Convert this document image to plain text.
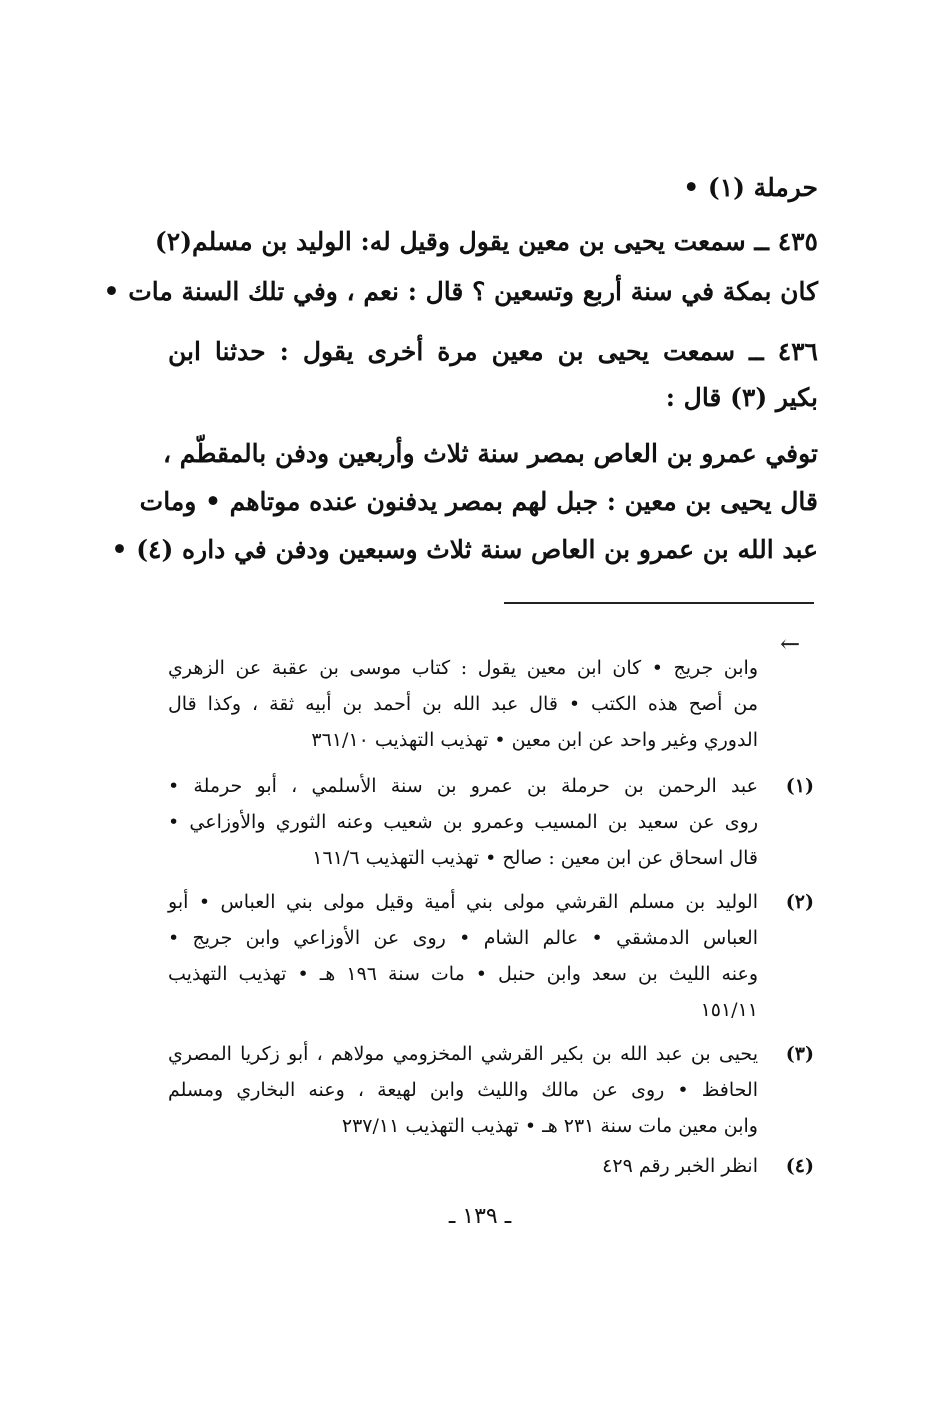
حرملة (١) •
٤٣٥ ــ سمعت يحيى بن معين يقول وقيل له: الوليد بن مسلم(٢)
كان بمكة في سنة أربع وتسعين ؟ قال : نعم ، وفي تلك السنة مات •
٤٣٦ ــ سمعت يحيى بن معين مرة أخرى يقول : حدثنا ابن
بكير (٣) قال :
توفي عمرو بن العاص بمصر سنة ثلاث وأربعين ودفن بالمقطّم ،
قال يحيى بن معين : جبل لهم بمصر يدفنون عنده موتاهم • ومات
عبد الله بن عمرو بن العاص سنة ثلاث وسبعين ودفن في داره (٤) •
←
وابن جريج • كان ابن معين يقول : كتاب موسى بن عقبة عن الزهري
من أصح هذه الكتب • قال عبد الله بن أحمد بن أبيه ثقة ، وكذا قال
الدوري وغير واحد عن ابن معين • تهذيب التهذيب ٣٦١/١٠
(١)
عبد الرحمن بن حرملة بن عمرو بن سنة الأسلمي ، أبو حرملة •
روى عن سعيد بن المسيب وعمرو بن شعيب وعنه الثوري والأوزاعي •
قال اسحاق عن ابن معين : صالح • تهذيب التهذيب ١٦١/٦
(٢)
الوليد بن مسلم القرشي مولى بني أمية وقيل مولى بني العباس • أبو
العباس الدمشقي • عالم الشام • روى عن الأوزاعي وابن جريج •
وعنه الليث بن سعد وابن حنبل • مات سنة ١٩٦ هـ • تهذيب التهذيب
١٥١/١١
(٣)
يحيى بن عبد الله بن بكير القرشي المخزومي مولاهم ، أبو زكريا المصري
الحافظ • روى عن مالك والليث وابن لهيعة ، وعنه البخاري ومسلم
وابن معين مات سنة ٢٣١ هـ • تهذيب التهذيب ٢٣٧/١١
(٤)
انظر الخبر رقم ٤٢٩
ـ ١٣٩ ـ
